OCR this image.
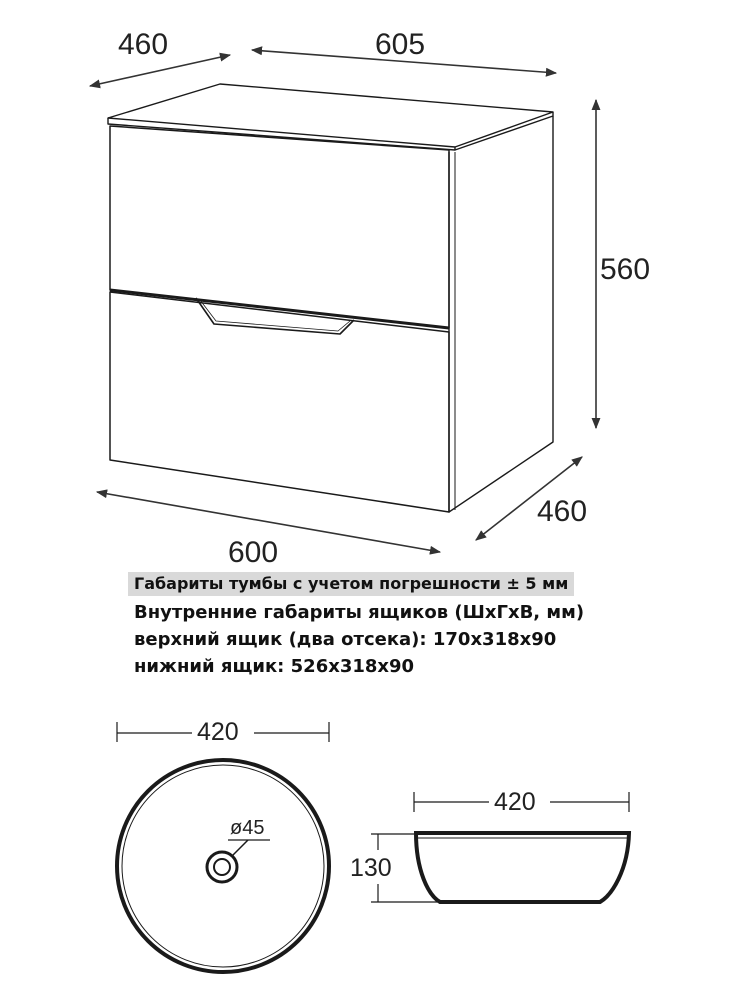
460	605
560
460
600
Габариты тумбы с учетом погрешности ± 5 мм
Внутренние габариты ящиков (ШхГхВ, мм)
верхний ящик (два отсека): 170х318х90
нижний ящик: 526х318х90
420
ø45
420
130
